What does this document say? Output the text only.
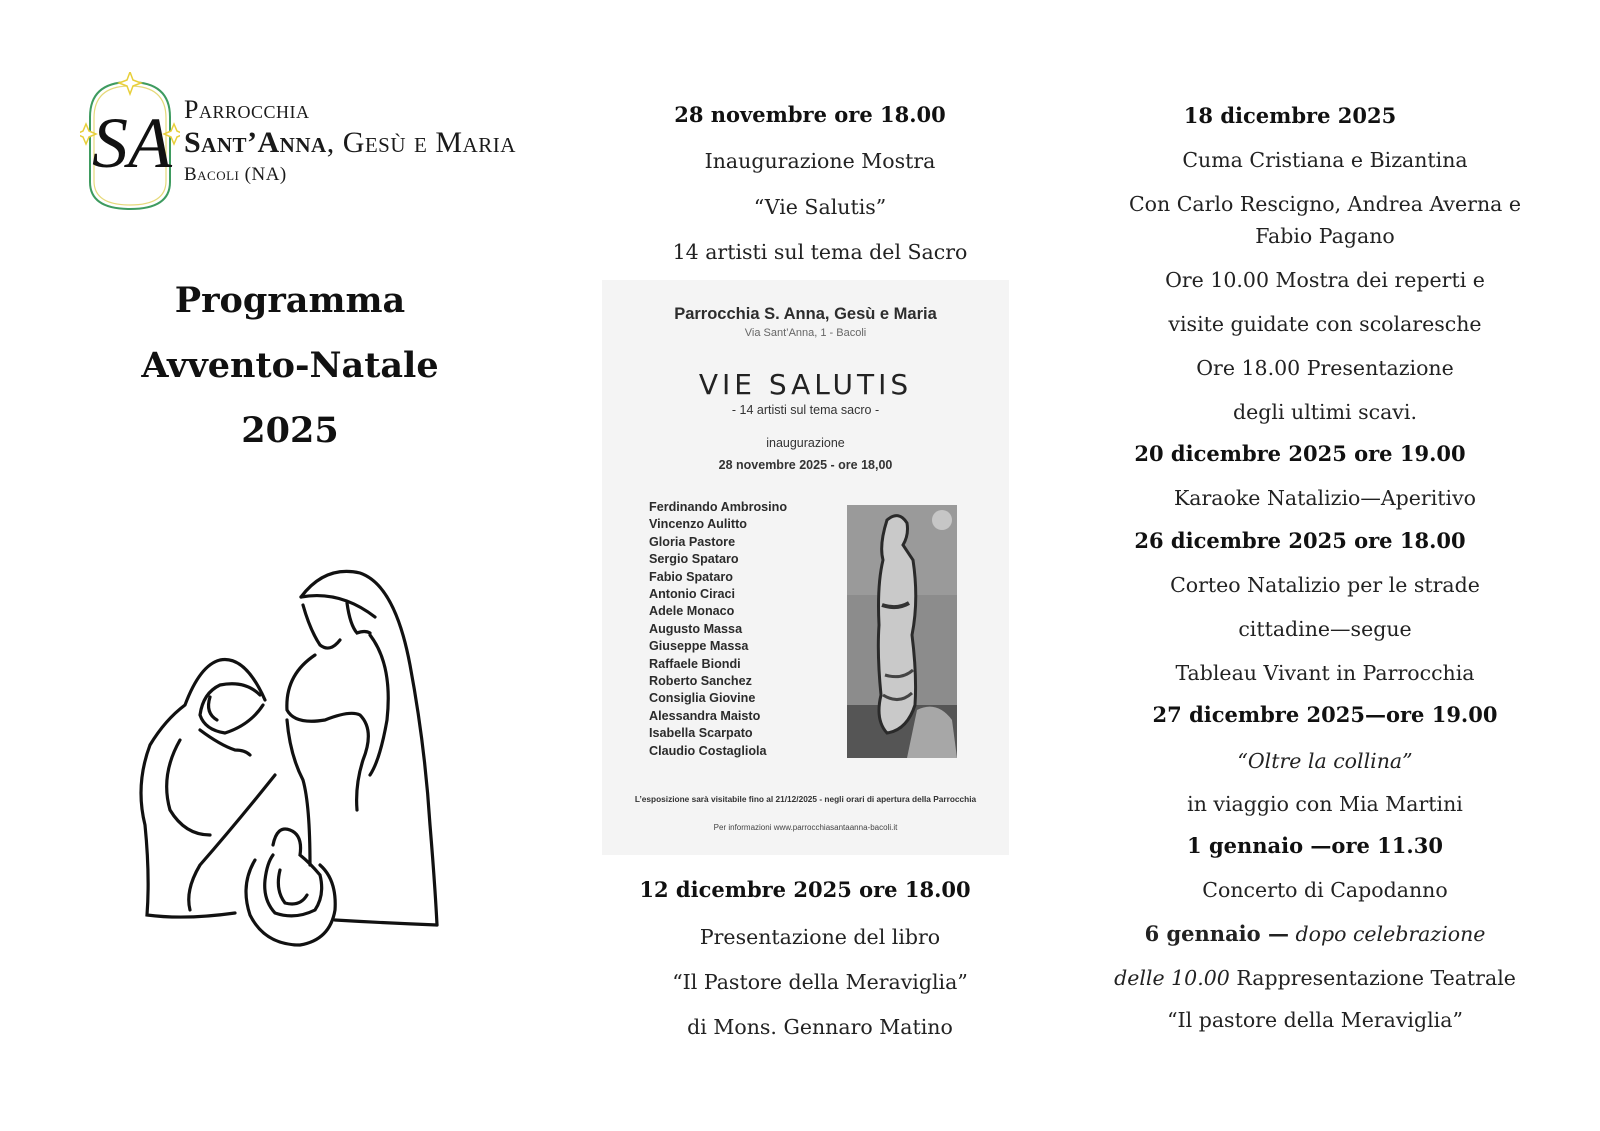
SA Parrocchia
Sant’Anna, Gesù e Maria
Bacoli (NA)
Programma
Avvento-Natale
2025
28 novembre ore 18.00
Inaugurazione Mostra
“Vie Salutis”
14 artisti sul tema del Sacro
Parrocchia S. Anna, Gesù e Maria
Via Sant’Anna, 1 - Bacoli
VIE SALUTIS
- 14 artisti sul tema sacro -
inaugurazione
28 novembre 2025 - ore 18,00
Ferdinando Ambrosino
Vincenzo Aulitto
Gloria Pastore
Sergio Spataro
Fabio Spataro
Antonio Ciraci
Adele Monaco
Augusto Massa
Giuseppe Massa
Raffaele Biondi
Roberto Sanchez
Consiglia Giovine
Alessandra Maisto
Isabella Scarpato
Claudio Costagliola
L’esposizione sarà visitabile fino al 21/12/2025 - negli orari di apertura della Parrocchia
Per informazioni www.parrocchiasantaanna-bacoli.it
12 dicembre 2025 ore 18.00
Presentazione del libro
“Il Pastore della Meraviglia”
di Mons. Gennaro Matino
18 dicembre 2025
Cuma Cristiana e Bizantina
Con Carlo Rescigno, Andrea Averna e
Fabio Pagano
Ore 10.00 Mostra dei reperti e
visite guidate con scolaresche
Ore 18.00 Presentazione
degli ultimi scavi.
20 dicembre 2025 ore 19.00
Karaoke Natalizio—Aperitivo
26 dicembre 2025 ore 18.00
Corteo Natalizio per le strade
cittadine—segue
Tableau Vivant in Parrocchia
27 dicembre 2025—ore 19.00
“Oltre la collina”
in viaggio con Mia Martini
1 gennaio —ore 11.30
Concerto di Capodanno
6 gennaio — dopo celebrazione
delle 10.00 Rappresentazione Teatrale
“Il pastore della Meraviglia”
